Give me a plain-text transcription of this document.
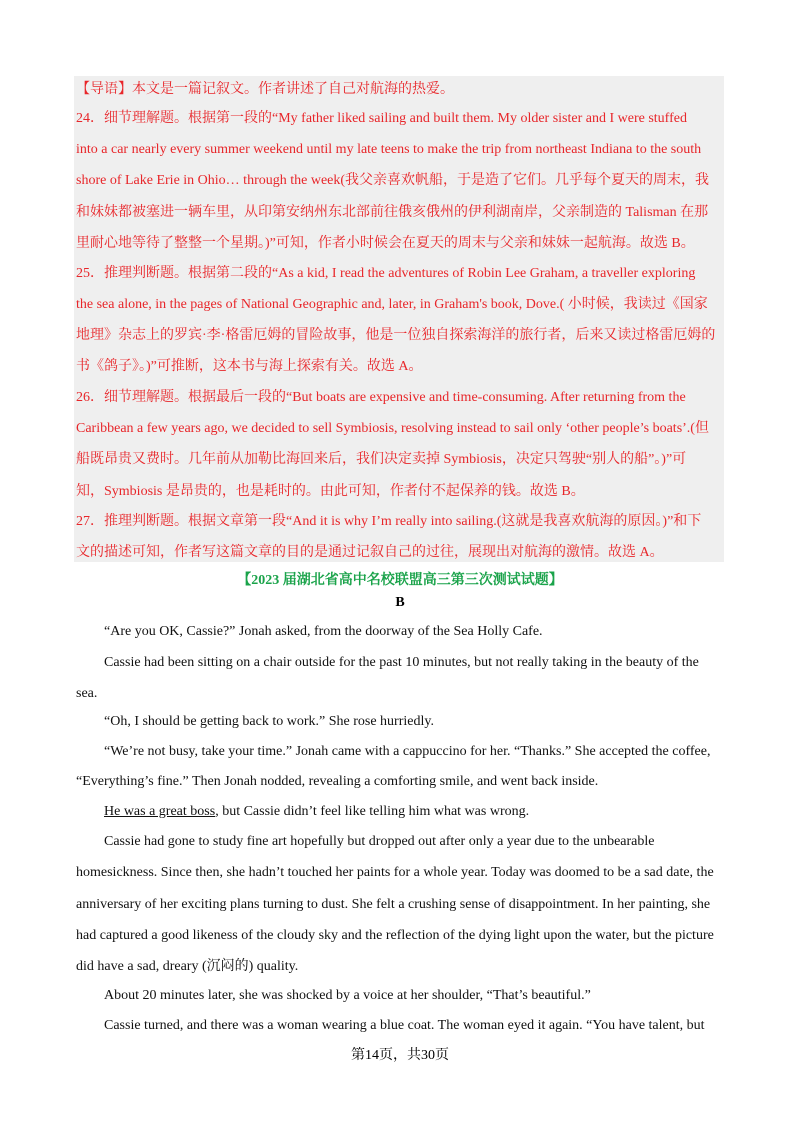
【导语】本文是一篇记叙文。作者讲述了自己对航海的热爱。
24．细节理解题。根据第一段的“My father liked sailing and built them. My older sister and I were stuffed
into a car nearly every summer weekend until my late teens to make the trip from northeast Indiana to the south
shore of Lake Erie in Ohio… through the week(我父亲喜欢帆船，于是造了它们。几乎每个夏天的周末，我
和妹妹都被塞进一辆车里，从印第安纳州东北部前往俄亥俄州的伊利湖南岸，父亲制造的 Talisman 在那
里耐心地等待了整整一个星期。)”可知，作者小时候会在夏天的周末与父亲和妹妹一起航海。故选 B。
25．推理判断题。根据第二段的“As a kid, I read the adventures of Robin Lee Graham, a traveller exploring
the sea alone, in the pages of National Geographic and, later, in Graham's book, Dove.( 小时候，我读过《国家
地理》杂志上的罗宾·李·格雷厄姆的冒险故事，他是一位独自探索海洋的旅行者，后来又读过格雷厄姆的
书《鸽子》。)”可推断，这本书与海上探索有关。故选 A。
26．细节理解题。根据最后一段的“But boats are expensive and time-consuming. After returning from the
Caribbean a few years ago, we decided to sell Symbiosis, resolving instead to sail only ‘other people’s boats’.(但
船既昂贵又费时。几年前从加勒比海回来后，我们决定卖掉 Symbiosis，决定只驾驶“别人的船”。)”可
知，Symbiosis 是昂贵的，也是耗时的。由此可知，作者付不起保养的钱。故选 B。
27．推理判断题。根据文章第一段“And it is why I’m really into sailing.(这就是我喜欢航海的原因。)”和下
文的描述可知，作者写这篇文章的目的是通过记叙自己的过往，展现出对航海的激情。故选 A。
【2023 届湖北省高中名校联盟高三第三次测试试题】
B
“Are you OK, Cassie?” Jonah asked, from the doorway of the Sea Holly Cafe.
Cassie had been sitting on a chair outside for the past 10 minutes, but not really taking in the beauty of the
sea.
“Oh, I should be getting back to work.” She rose hurriedly.
“We’re not busy, take your time.” Jonah came with a cappuccino for her. “Thanks.” She accepted the coffee,
“Everything’s fine.” Then Jonah nodded, revealing a comforting smile, and went back inside.
He was a great boss, but Cassie didn’t feel like telling him what was wrong.
Cassie had gone to study fine art hopefully but dropped out after only a year due to the unbearable
homesickness. Since then, she hadn’t touched her paints for a whole year. Today was doomed to be a sad date, the
anniversary of her exciting plans turning to dust. She felt a crushing sense of disappointment. In her painting, she
had captured a good likeness of the cloudy sky and the reflection of the dying light upon the water, but the picture
did have a sad, dreary (沉闷的) quality.
About 20 minutes later, she was shocked by a voice at her shoulder, “That’s beautiful.”
Cassie turned, and there was a woman wearing a blue coat. The woman eyed it again. “You have talent, but
第14页，共30页
